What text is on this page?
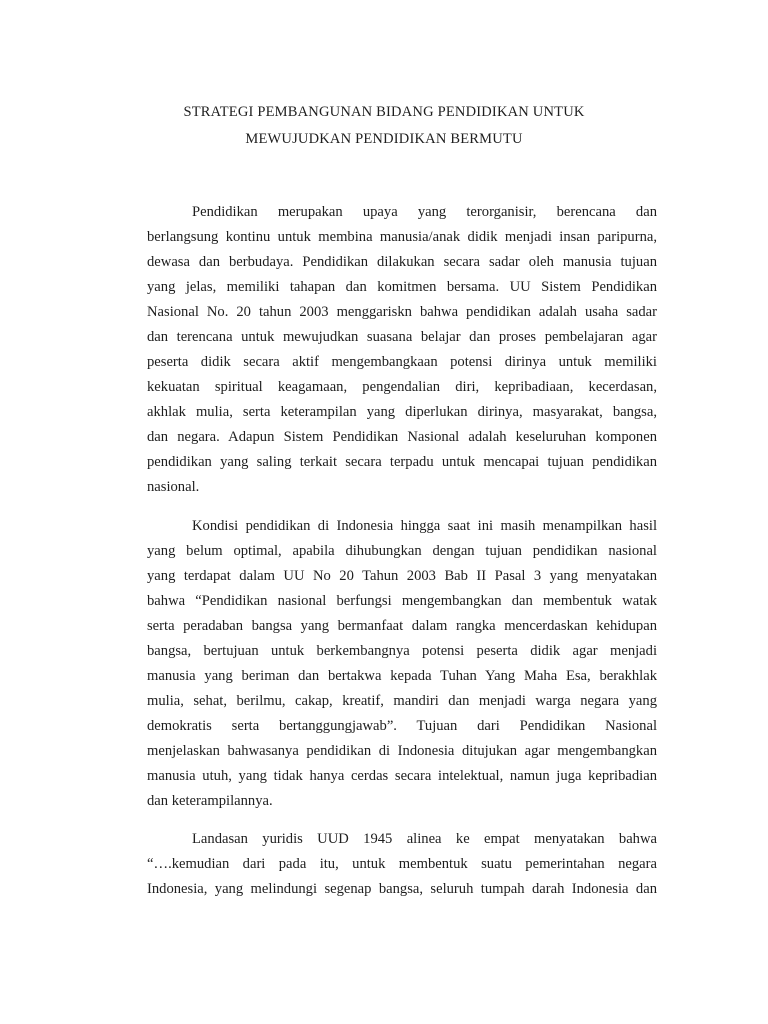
STRATEGI PEMBANGUNAN BIDANG PENDIDIKAN UNTUK
MEWUJUDKAN PENDIDIKAN BERMUTU
Pendidikan merupakan upaya yang terorganisir, berencana dan
berlangsung kontinu untuk membina manusia/anak didik menjadi insan paripurna,
dewasa dan berbudaya. Pendidikan dilakukan secara sadar oleh manusia tujuan
yang jelas, memiliki tahapan dan komitmen bersama. UU Sistem Pendidikan
Nasional No. 20 tahun 2003 menggariskn bahwa pendidikan adalah usaha sadar
dan terencana untuk mewujudkan suasana belajar dan proses pembelajaran agar
peserta didik secara aktif mengembangkaan potensi dirinya untuk memiliki
kekuatan spiritual keagamaan, pengendalian diri, kepribadiaan, kecerdasan,
akhlak mulia, serta keterampilan yang diperlukan dirinya, masyarakat, bangsa,
dan negara. Adapun Sistem Pendidikan Nasional adalah keseluruhan komponen
pendidikan yang saling terkait secara terpadu untuk mencapai tujuan pendidikan
nasional.
Kondisi pendidikan di Indonesia hingga saat ini masih menampilkan hasil
yang belum optimal, apabila dihubungkan dengan tujuan pendidikan nasional
yang terdapat dalam UU No 20 Tahun 2003 Bab II Pasal 3 yang menyatakan
bahwa “Pendidikan nasional berfungsi mengembangkan dan membentuk watak
serta peradaban bangsa yang bermanfaat dalam rangka mencerdaskan kehidupan
bangsa, bertujuan untuk berkembangnya potensi peserta didik agar menjadi
manusia yang beriman dan bertakwa kepada Tuhan Yang Maha Esa, berakhlak
mulia, sehat, berilmu, cakap, kreatif, mandiri dan menjadi warga negara yang
demokratis serta bertanggungjawab”. Tujuan dari Pendidikan Nasional
menjelaskan bahwasanya pendidikan di Indonesia ditujukan agar mengembangkan
manusia utuh, yang tidak hanya cerdas secara intelektual, namun juga kepribadian
dan keterampilannya.
Landasan yuridis UUD 1945 alinea ke empat menyatakan bahwa
“….kemudian dari pada itu, untuk membentuk suatu pemerintahan negara
Indonesia, yang melindungi segenap bangsa, seluruh tumpah darah Indonesia dan
